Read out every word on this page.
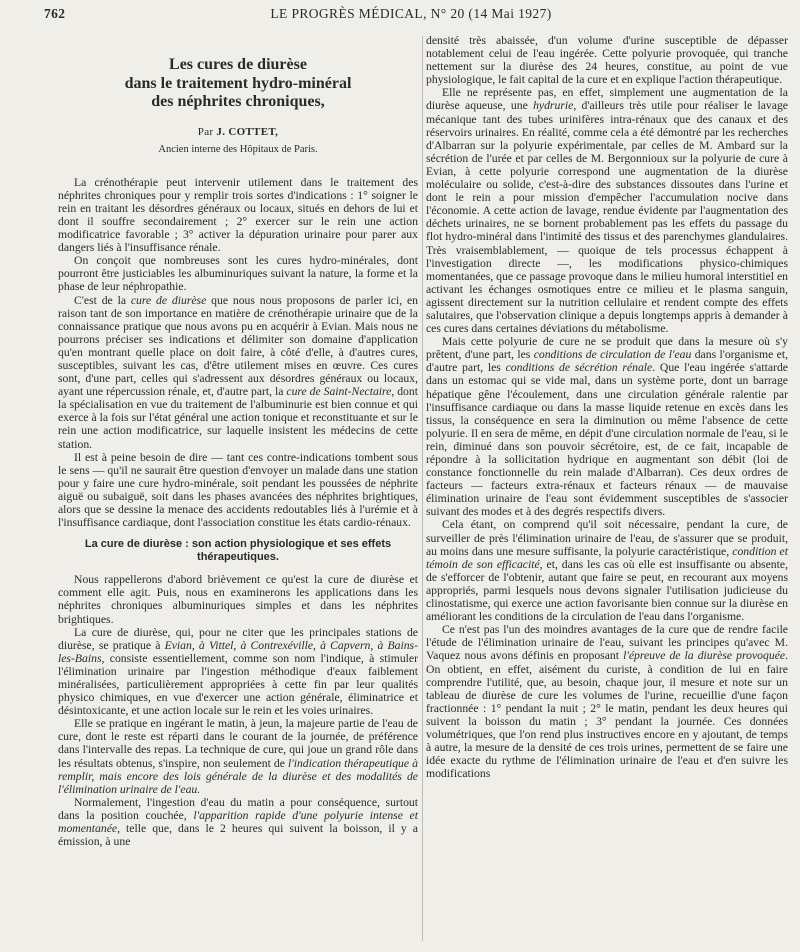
762	LE PROGRÈS MÉDICAL, N° 20 (14 Mai 1927)
Les cures de diurèse
dans le traitement hydro-minéral
des néphrites chroniques,
Par J. COTTET,
Ancien interne des Hôpitaux de Paris.

La crénothérapie peut intervenir utilement dans le traitement des néphrites chroniques pour y remplir trois sortes d'indications : 1° soigner le rein en traitant les désordres généraux ou locaux, situés en dehors de lui et dont il souffre secondairement ; 2° exercer sur le rein une action modificatrice favorable ; 3° activer la dépuration urinaire pour parer aux dangers liés à l'insuffisance rénale.

On conçoit que nombreuses sont les cures hydro-minérales, dont pourront être justiciables les albuminuriques suivant la nature, la forme et la phase de leur néphropathie.

C'est de la cure de diurèse que nous nous proposons de parler ici, en raison tant de son importance en matière de crénothérapie urinaire que de la connaissance pratique que nous avons pu en acquérir à Evian. Mais nous ne pourrons préciser ses indications et délimiter son domaine d'application qu'en montrant quelle place on doit faire, à côté d'elle, à d'autres cures, susceptibles, suivant les cas, d'être utilement mises en œuvre. Ces cures sont, d'une part, celles qui s'adressent aux désordres généraux ou locaux, ayant une répercussion rénale, et, d'autre part, la cure de Saint-Nectaire, dont la spécialisation en vue du traitement de l'albuminurie est bien connue et qui exerce à la fois sur l'état général une action tonique et reconstituante et sur le rein une action modificatrice, sur laquelle insistent les médecins de cette station.

Il est à peine besoin de dire — tant ces contre-indications tombent sous le sens — qu'il ne saurait être question d'envoyer un malade dans une station pour y faire une cure hydro-minérale, soit pendant les poussées de néphrite aiguë ou subaiguë, soit dans les phases avancées des néphrites brightiques, alors que se dessine la menace des accidents redoutables liés à l'urémie et à l'insuffisance cardiaque, dont l'association constitue les états cardio-rénaux.

La cure de diurèse : son action physiologique et ses effets
thérapeutiques.

Nous rappellerons d'abord brièvement ce qu'est la cure de diurèse et comment elle agit. Puis, nous en examinerons les applications dans les néphrites chroniques albuminuriques simples et dans les néphrites brightiques.

La cure de diurèse, qui, pour ne citer que les principales stations de diurèse, se pratique à Evian, à Vittel, à Contrexéville, à Capvern, à Bains-les-Bains, consiste essentiellement, comme son nom l'indique, à stimuler l'élimination urinaire par l'ingestion méthodique d'eaux faiblement minéralisées, particulièrement appropriées à cette fin par leur qualités physico chimiques, en vue d'exercer une action générale, éliminatrice et désintoxicante, et une action locale sur le rein et les voies urinaires.

Elle se pratique en ingérant le matin, à jeun, la majeure partie de l'eau de cure, dont le reste est réparti dans le courant de la journée, de préférence dans l'intervalle des repas. La technique de cure, qui joue un grand rôle dans les résultats obtenus, s'inspire, non seulement de l'indication thérapeutique à remplir, mais encore des lois générale de la diurèse et des modalités de l'élimination urinaire de l'eau.

Normalement, l'ingestion d'eau du matin a pour conséquence, surtout dans la position couchée, l'apparition rapide d'une polyurie intense et momentanée, telle que, dans le 2 heures qui suivent la boisson, il y a émission, à une

densité très abaissée, d'un volume d'urine susceptible de dépasser notablement celui de l'eau ingérée. Cette polyurie provoquée, qui tranche nettement sur la diurèse des 24 heures, constitue, au point de vue physiologique, le fait capital de la cure et en explique l'action thérapeutique.

Elle ne représente pas, en effet, simplement une augmentation de la diurèse aqueuse, une hydrurie, d'ailleurs très utile pour réaliser le lavage mécanique tant des tubes urinifères intra-rénaux que des canaux et des réservoirs urinaires. En réalité, comme cela a été démontré par les recherches d'Albarran sur la polyurie expérimentale, par celles de M. Ambard sur la sécrétion de l'urée et par celles de M. Bergonnioux sur la polyurie de cure à Evian, à cette polyurie correspond une augmentation de la diurèse moléculaire ou solide, c'est-à-dire des substances dissoutes dans l'urine et dont le rein a pour mission d'empêcher l'accumulation nocive dans l'économie. A cette action de lavage, rendue évidente par l'augmentation des déchets urinaires, ne se bornent probablement pas les effets du passage du flot hydro-minéral dans l'intimité des tissus et des parenchymes glandulaires. Très vraisemblablement, — quoique de tels processus échappent à l'investigation directe —, les modifications physico-chimiques momentanées, que ce passage provoque dans le milieu humoral interstitiel en activant les échanges osmotiques entre ce milieu et le plasma sanguin, agissent directement sur la nutrition cellulaire et rendent compte des effets salutaires, que l'observation clinique a depuis longtemps appris à demander à ces cures dans certaines déviations du métabolisme.

Mais cette polyurie de cure ne se produit que dans la mesure où s'y prêtent, d'une part, les conditions de circulation de l'eau dans l'organisme et, d'autre part, les conditions de sécrétion rénale. Que l'eau ingérée s'attarde dans un estomac qui se vide mal, dans un système porte, dont un barrage hépatique gêne l'écoulement, dans une circulation générale ralentie par l'insuffisance cardiaque ou dans la masse liquide retenue en excès dans les tissus, la conséquence en sera la diminution ou même l'absence de cette polyurie. Il en sera de même, en dépit d'une circulation normale de l'eau, si le rein, diminué dans son pouvoir sécrétoire, est, de ce fait, incapable de répondre à la sollicitation hydrique en augmentant son débit (loi de constance fonctionnelle du rein malade d'Albarran). Ces deux ordres de facteurs — facteurs extra-rénaux et facteurs rénaux — de mauvaise élimination urinaire de l'eau sont évidemment susceptibles de s'associer suivant des modes et à des degrés respectifs divers.

Cela étant, on comprend qu'il soit nécessaire, pendant la cure, de surveiller de près l'élimination urinaire de l'eau, de s'assurer que se produit, au moins dans une mesure suffisante, la polyurie caractéristique, condition et témoin de son efficacité, et, dans les cas où elle est insuffisante ou absente, de s'efforcer de l'obtenir, autant que faire se peut, en recourant aux moyens appropriés, parmi lesquels nous devons signaler l'utilisation judicieuse du clinostatisme, qui exerce une action favorisante bien connue sur la diurèse en améliorant les conditions de la circulation de l'eau dans l'organisme.

Ce n'est pas l'un des moindres avantages de la cure que de rendre facile l'étude de l'élimination urinaire de l'eau, suivant les principes qu'avec M. Vaquez nous avons définis en proposant l'épreuve de la diurèse provoquée. On obtient, en effet, aisément du curiste, à condition de lui en faire comprendre l'utilité, que, au besoin, chaque jour, il mesure et note sur un tableau de diurèse de cure les volumes de l'urine, recueillie d'une façon fractionnée : 1° pendant la nuit ; 2° le matin, pendant les deux heures qui suivent la boisson du matin ; 3° pendant la journée. Ces données volumétriques, que l'on rend plus instructives encore en y ajoutant, de temps à autre, la mesure de la densité de ces trois urines, permettent de se faire une idée exacte du rythme de l'élimination urinaire de l'eau et d'en suivre les modifications
